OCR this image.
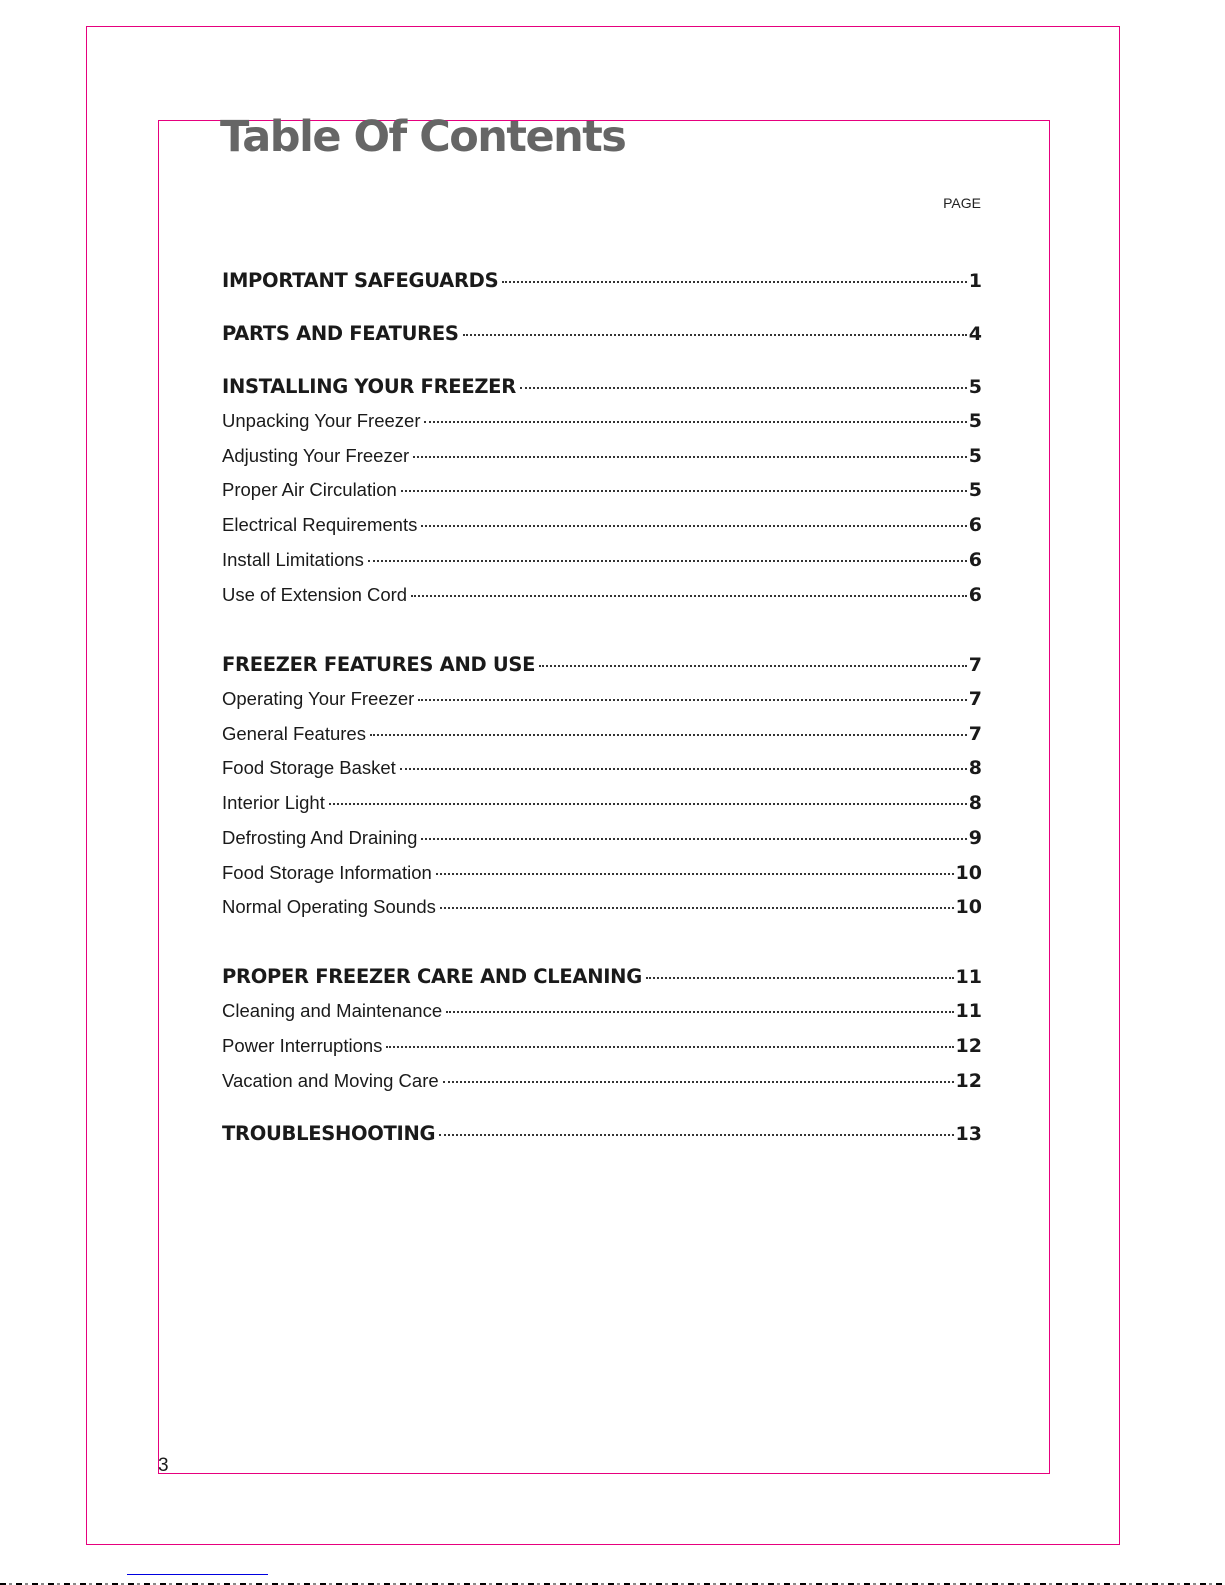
Table Of Contents
PAGE
IMPORTANT SAFEGUARDS	1
PARTS AND FEATURES	4
INSTALLING YOUR FREEZER	5
Unpacking Your Freezer	5
Adjusting Your Freezer	5
Proper Air Circulation	5
Electrical Requirements	6
Install Limitations	6
Use of Extension Cord	6
FREEZER FEATURES AND USE	7
Operating Your Freezer	7
General Features	7
Food Storage Basket	8
Interior Light	8
Defrosting And Draining	9
Food Storage Information	10
Normal Operating Sounds	10
PROPER FREEZER CARE AND CLEANING	11
Cleaning and Maintenance	11
Power Interruptions	12
Vacation and Moving Care	12
TROUBLESHOOTING	13
3
